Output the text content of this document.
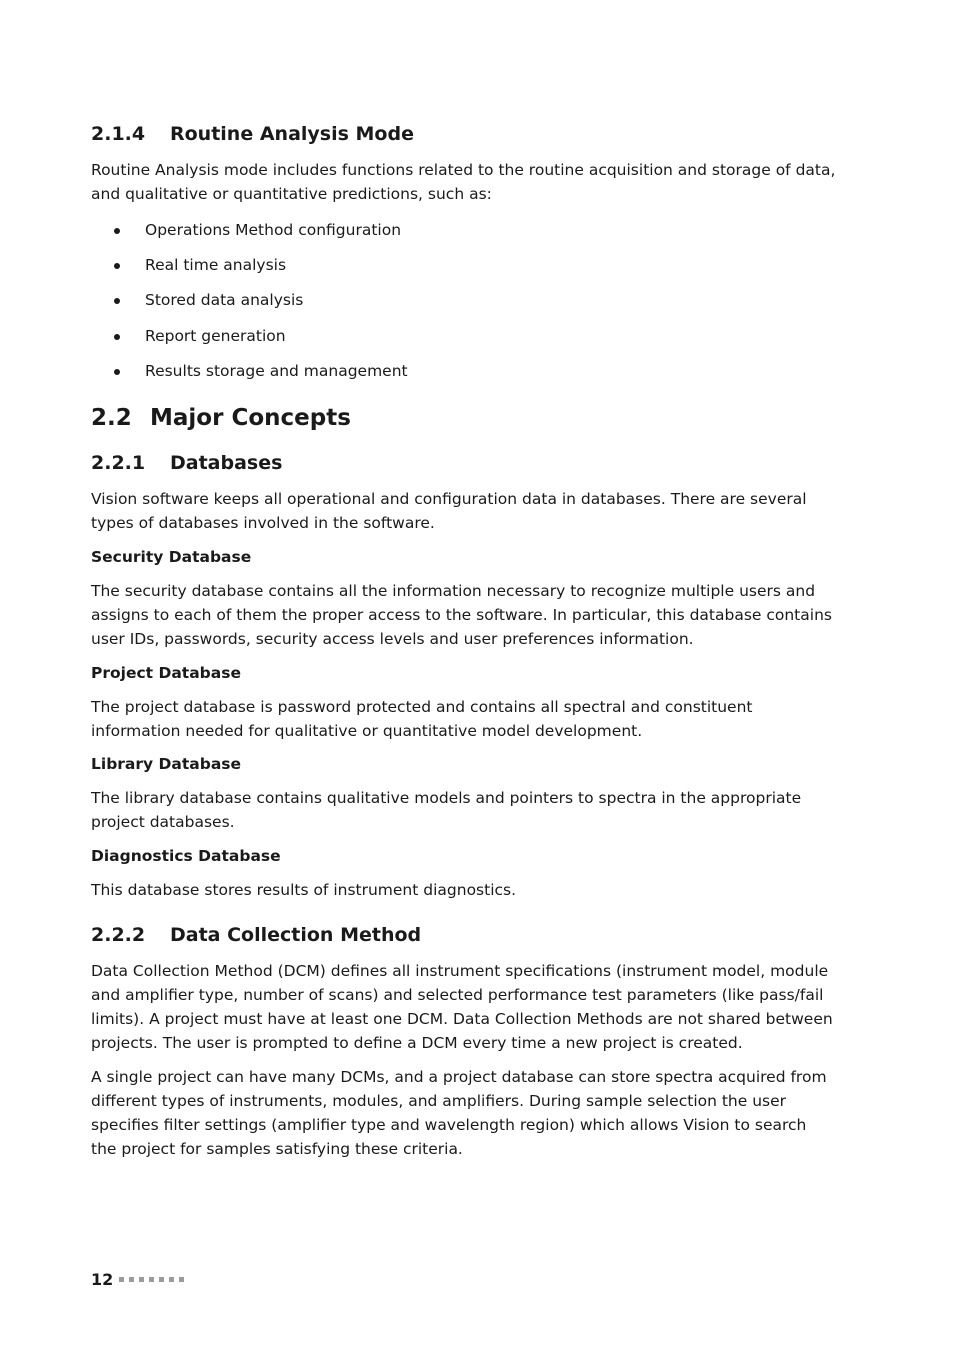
2.1.4 Routine Analysis Mode

Routine Analysis mode includes functions related to the routine acquisition and storage of data, and qualitative or quantitative predictions, such as:

Operations Method configuration
Real time analysis
Stored data analysis
Report generation
Results storage and management
2.2 Major Concepts
2.2.1 Databases

Vision software keeps all operational and configuration data in databases. There are several types of databases involved in the software.

Security Database

The security database contains all the information necessary to recognize multiple users and assigns to each of them the proper access to the software. In particular, this database contains user IDs, passwords, security access levels and user preferences information.

Project Database

The project database is password protected and contains all spectral and constituent information needed for qualitative or quantitative model development.

Library Database

The library database contains qualitative models and pointers to spectra in the appropriate project databases.

Diagnostics Database

This database stores results of instrument diagnostics.

2.2.2 Data Collection Method

Data Collection Method (DCM) defines all instrument specifications (instrument model, module and amplifier type, number of scans) and selected performance test parameters (like pass/fail limits). A project must have at least one DCM. Data Collection Methods are not shared between projects. The user is prompted to define a DCM every time a new project is created.

A single project can have many DCMs, and a project database can store spectra acquired from different types of instruments, modules, and amplifiers. During sample selection the user specifies filter settings (amplifier type and wavelength region) which allows Vision to search the project for samples satisfying these criteria.

12
